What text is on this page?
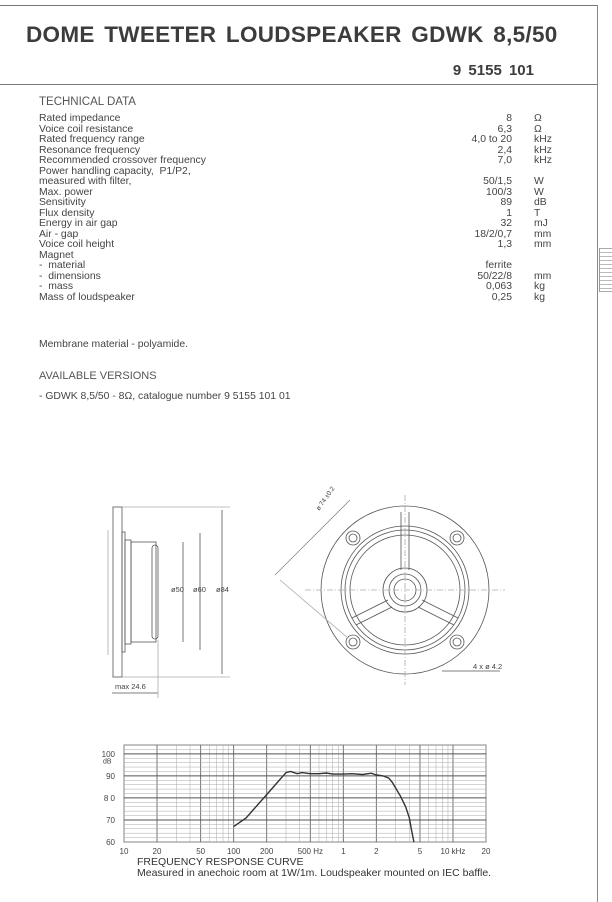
DOME TWEETER LOUDSPEAKER GDWK 8,5/50
9 5155 101
TECHNICAL DATA
Rated impedance	8 Ω
Voice coil resistance	6,3 Ω
Rated frequency range	4,0 to 20 kHz
Resonance frequency	2,4 kHz
Recommended crossover frequency	7,0 kHz
Power handling capacity,  P1/P2,
measured with filter,	50/1,5 W
Max. power	100/3 W
Sensitivity	89 dB
Flux density	1 T
Energy in air gap	32 mJ
Air - gap	18/2/0,7 mm
Voice coil height	1,3 mm
Magnet
-  material	ferrite
-  dimensions	50/22/8 mm
-  mass	0,063 kg
Mass of loudspeaker	0,25 kg
Membrane material - polyamide.
AVAILABLE VERSIONS
- GDWK 8,5/50 - 8Ω, catalogue number 9 5155 101 01
ø50 ø60 ø84
max 24.6
ø 74 ±0.2
4 x ø 4.2
10	20	50	100 200	500 Hz 1	2	5 10 kHz 20
60
70
8 0
90
100
dB
FREQUENCY RESPONSE CURVE
Measured in anechoic room at 1W/1m. Loudspeaker mounted on IEC baffle.
